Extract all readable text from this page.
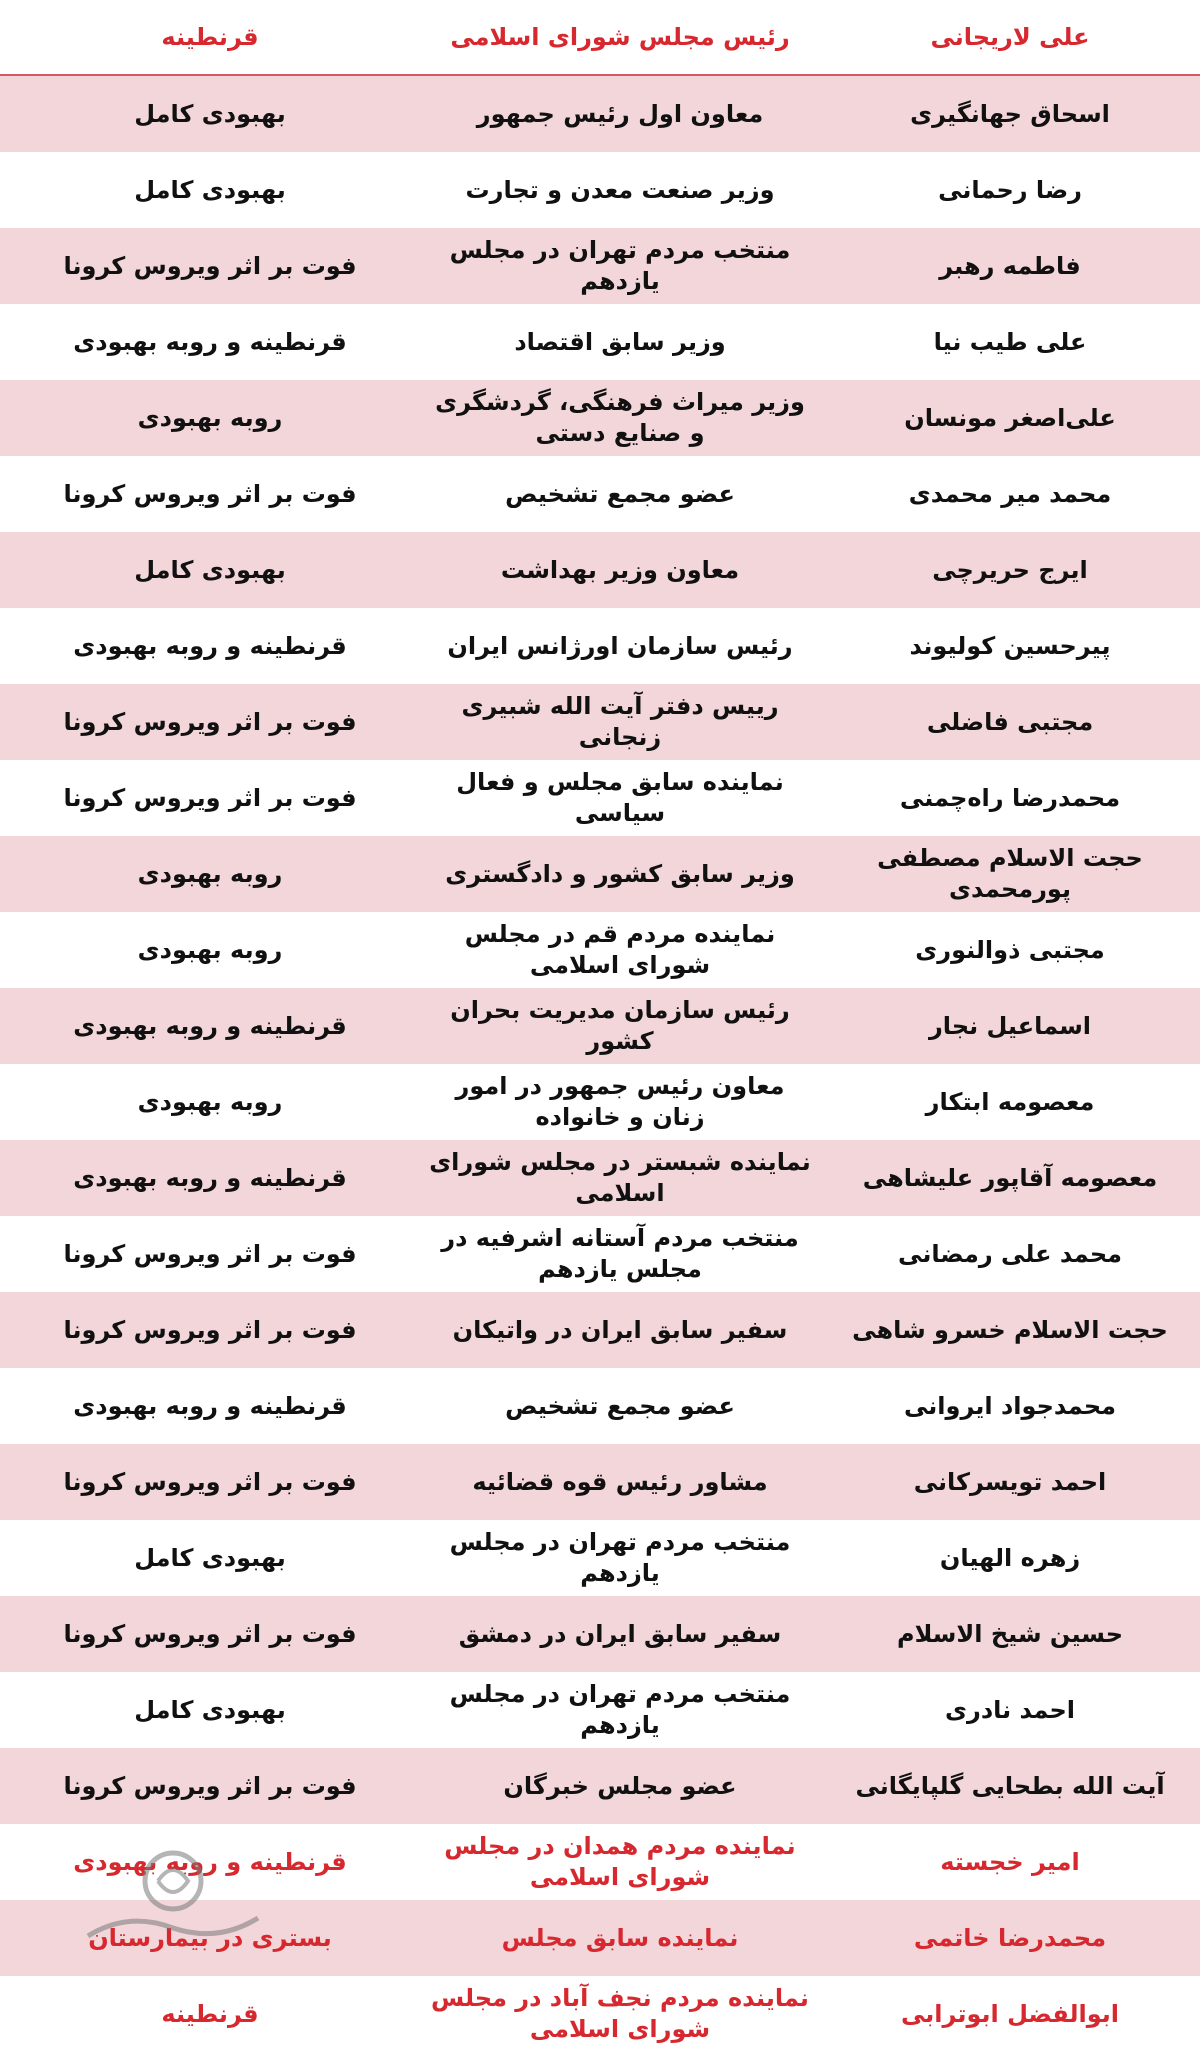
علی لاریجانی
رئیس مجلس شورای اسلامی
قرنطینه
اسحاق جهانگیری
معاون اول رئیس جمهور
بهبودی کامل
رضا رحمانی
وزیر صنعت معدن و تجارت
بهبودی کامل
فاطمه رهبر
منتخب مردم تهران در مجلس یازدهم
فوت بر اثر ویروس کرونا
علی طیب نیا
وزیر سابق اقتصاد
قرنطینه و روبه بهبودی
علی‌اصغر مونسان
وزیر میراث فرهنگی، گردشگری و صنایع دستی
روبه بهبودی
محمد میر محمدی
عضو مجمع تشخیص
فوت بر اثر ویروس کرونا
ایرج حریرچی
معاون وزیر بهداشت
بهبودی کامل
پیرحسین کولیوند
رئیس سازمان اورژانس ایران
قرنطینه و روبه بهبودی
مجتبی فاضلی
رییس دفتر آیت الله شبیری زنجانی
فوت بر اثر ویروس کرونا
محمدرضا راه‌چمنی
نماینده سابق مجلس و فعال سیاسی
فوت بر اثر ویروس کرونا
حجت الاسلام مصطفی پورمحمدی
وزیر سابق کشور و دادگستری
روبه بهبودی
مجتبی ذوالنوری
نماینده مردم قم در مجلس شورای اسلامی
روبه بهبودی
اسماعیل نجار
رئیس سازمان مدیریت بحران کشور
قرنطینه و روبه بهبودی
معصومه ابتکار
معاون رئیس جمهور در امور زنان و خانواده
روبه بهبودی
معصومه آقاپور علیشاهی
نماینده شبستر در مجلس شورای اسلامی
قرنطینه و روبه بهبودی
محمد علی رمضانی
منتخب مردم آستانه اشرفیه در مجلس یازدهم
فوت بر اثر ویروس کرونا
حجت الاسلام خسرو شاهی
سفیر سابق ایران در واتیکان
فوت بر اثر ویروس کرونا
محمدجواد ایروانی
عضو مجمع تشخیص
قرنطینه و روبه بهبودی
احمد تویسرکانی
مشاور رئیس قوه قضائیه
فوت بر اثر ویروس کرونا
زهره الهیان
منتخب مردم تهران در مجلس یازدهم
بهبودی کامل
حسین شیخ الاسلام
سفیر سابق ایران در دمشق
فوت بر اثر ویروس کرونا
احمد نادری
منتخب مردم تهران در مجلس یازدهم
بهبودی کامل
آیت الله بطحایی گلپایگانی
عضو مجلس خبرگان
فوت بر اثر ویروس کرونا
امیر خجسته
نماینده مردم همدان در مجلس شورای اسلامی
قرنطینه و روبه بهبودی
محمدرضا خاتمی
نماینده سابق مجلس
بستری در بیمارستان
ابوالفضل ابوترابی
نماینده مردم نجف آباد در مجلس شورای اسلامی
قرنطینه
